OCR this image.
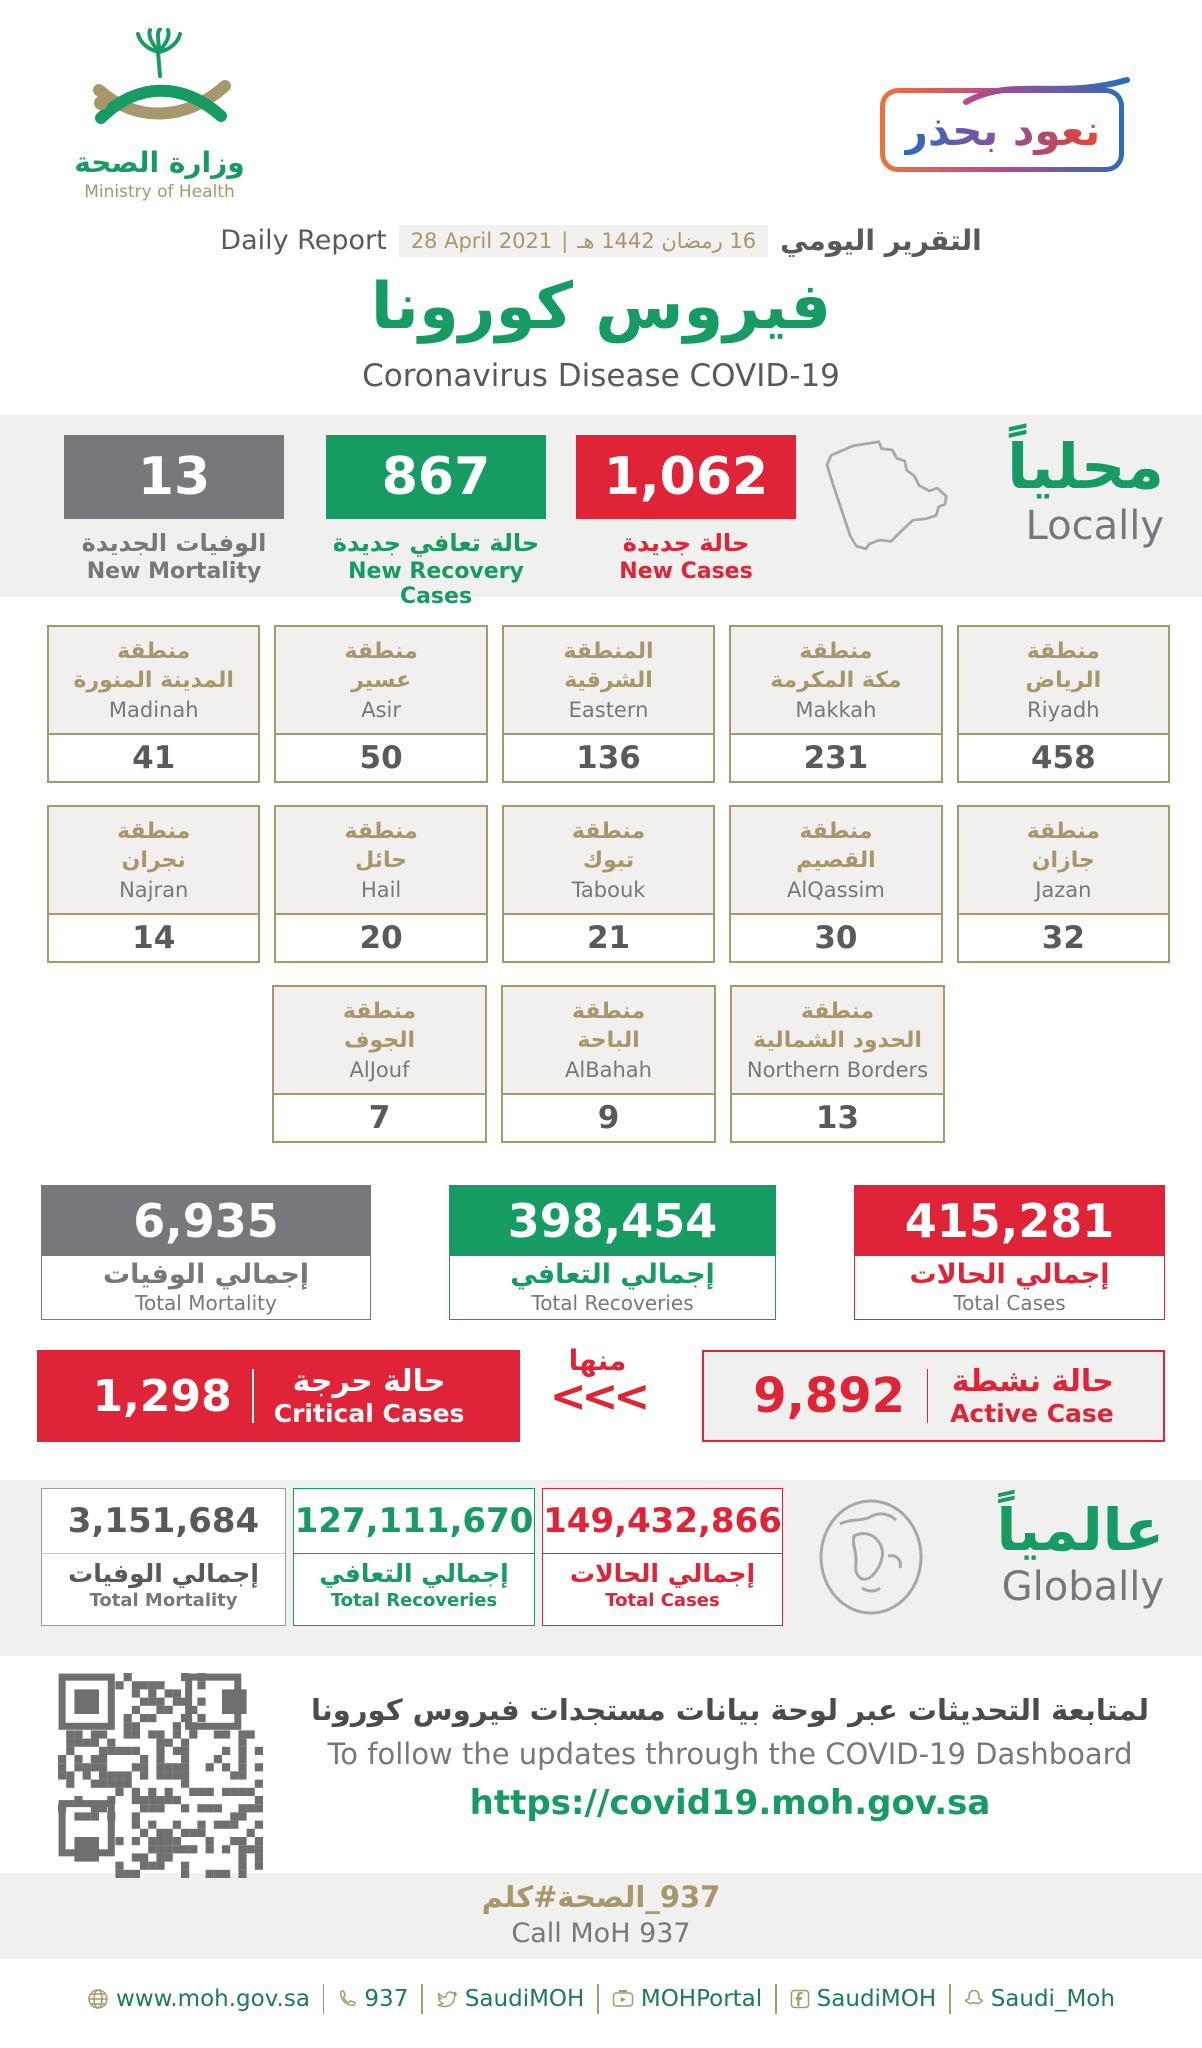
وزارة الصحة
Ministry of Health
نعود بحذر
Daily Report 28 April 2021 | 16 رمضان 1442 هـ التقرير اليومي
فيروس كورونا
Coronavirus Disease COVID-19
13
الوفيات الجديدة
New Mortality
867
حالة تعافي جديدة
New Recovery Cases
1,062
حالة جديدة
New Cases
محلياً
Locally
منطقة
المدينة المنورة
Madinah
41
منطقة
عسير
Asir
50
المنطقة
الشرقية
Eastern
136
منطقة
مكة المكرمة
Makkah
231
منطقة
الرياض
Riyadh
458
منطقة
نجران
Najran
14
منطقة
حائل
Hail
20
منطقة
تبوك
Tabouk
21
منطقة
القصيم
AlQassim
30
منطقة
جازان
Jazan
32
منطقة
الجوف
AlJouf
7
منطقة
الباحة
AlBahah
9
منطقة
الحدود الشمالية
Northern Borders
13
6,935
إجمالي الوفيات
Total Mortality
398,454
إجمالي التعافي
Total Recoveries
415,281
إجمالي الحالات
Total Cases
1,298	حالة حرجة
Critical Cases
منها
<<< 9,892 حالة نشطة
Active Case
3,151,684
إجمالي الوفيات
Total Mortality
127,111,670
إجمالي التعافي
Total Recoveries
149,432,866
إجمالي الحالات
Total Cases
عالمياً
Globally
لمتابعة التحديثات عبر لوحة بيانات مستجدات فيروس كورونا
To follow the updates through the COVID-19 Dashboard
https://covid19.moh.gov.sa
كلم#الصحة_937
Call MoH 937
www.moh.gov.sa 937 SaudiMOH MOHPortal SaudiMOH Saudi_Moh
